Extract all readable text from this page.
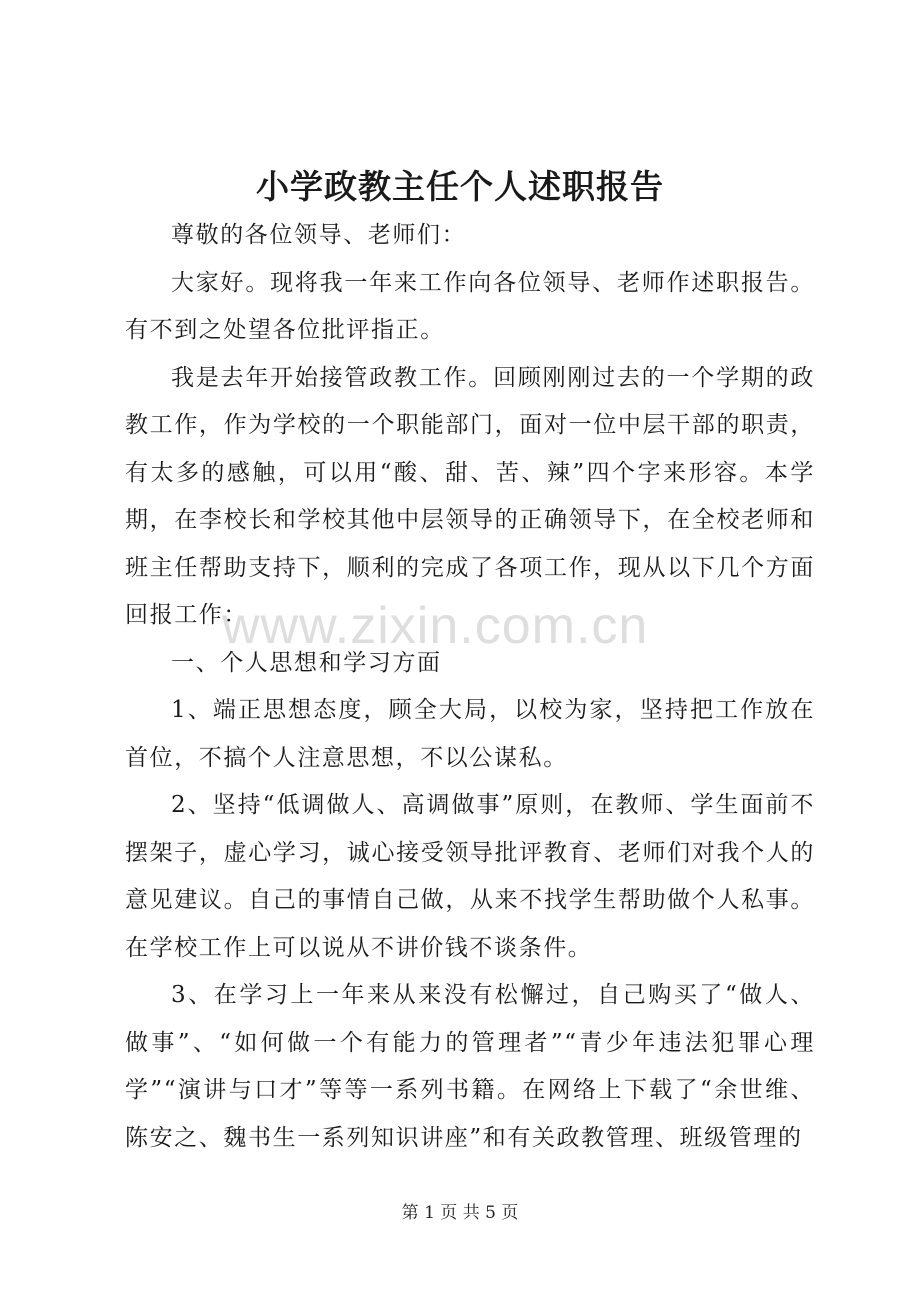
小学政教主任个人述职报告

尊敬的各位领导、老师们：

大家好。现将我一年来工作向各位领导、老师作述职报告。有不到之处望各位批评指正。

我是去年开始接管政教工作。回顾刚刚过去的一个学期的政教工作，作为学校的一个职能部门，面对一位中层干部的职责，有太多的感触，可以用“酸、甜、苦、辣”四个字来形容。本学期，在李校长和学校其他中层领导的正确领导下，在全校老师和班主任帮助支持下，顺利的完成了各项工作，现从以下几个方面回报工作：

一、个人思想和学习方面

1、端正思想态度，顾全大局，以校为家，坚持把工作放在首位，不搞个人注意思想，不以公谋私。

2、坚持“低调做人、高调做事”原则，在教师、学生面前不摆架子，虚心学习，诚心接受领导批评教育、老师们对我个人的意见建议。自己的事情自己做，从来不找学生帮助做个人私事。在学校工作上可以说从不讲价钱不谈条件。

3、在学习上一年来从来没有松懈过，自己购买了“做人、做事”、“如何做一个有能力的管理者”“青少年违法犯罪心理学”“演讲与口才”等等一系列书籍。在网络上下载了“余世维、陈安之、魏书生一系列知识讲座”和有关政教管理、班级管理的

www.zixin.com.cn
第 1 页 共 5 页
